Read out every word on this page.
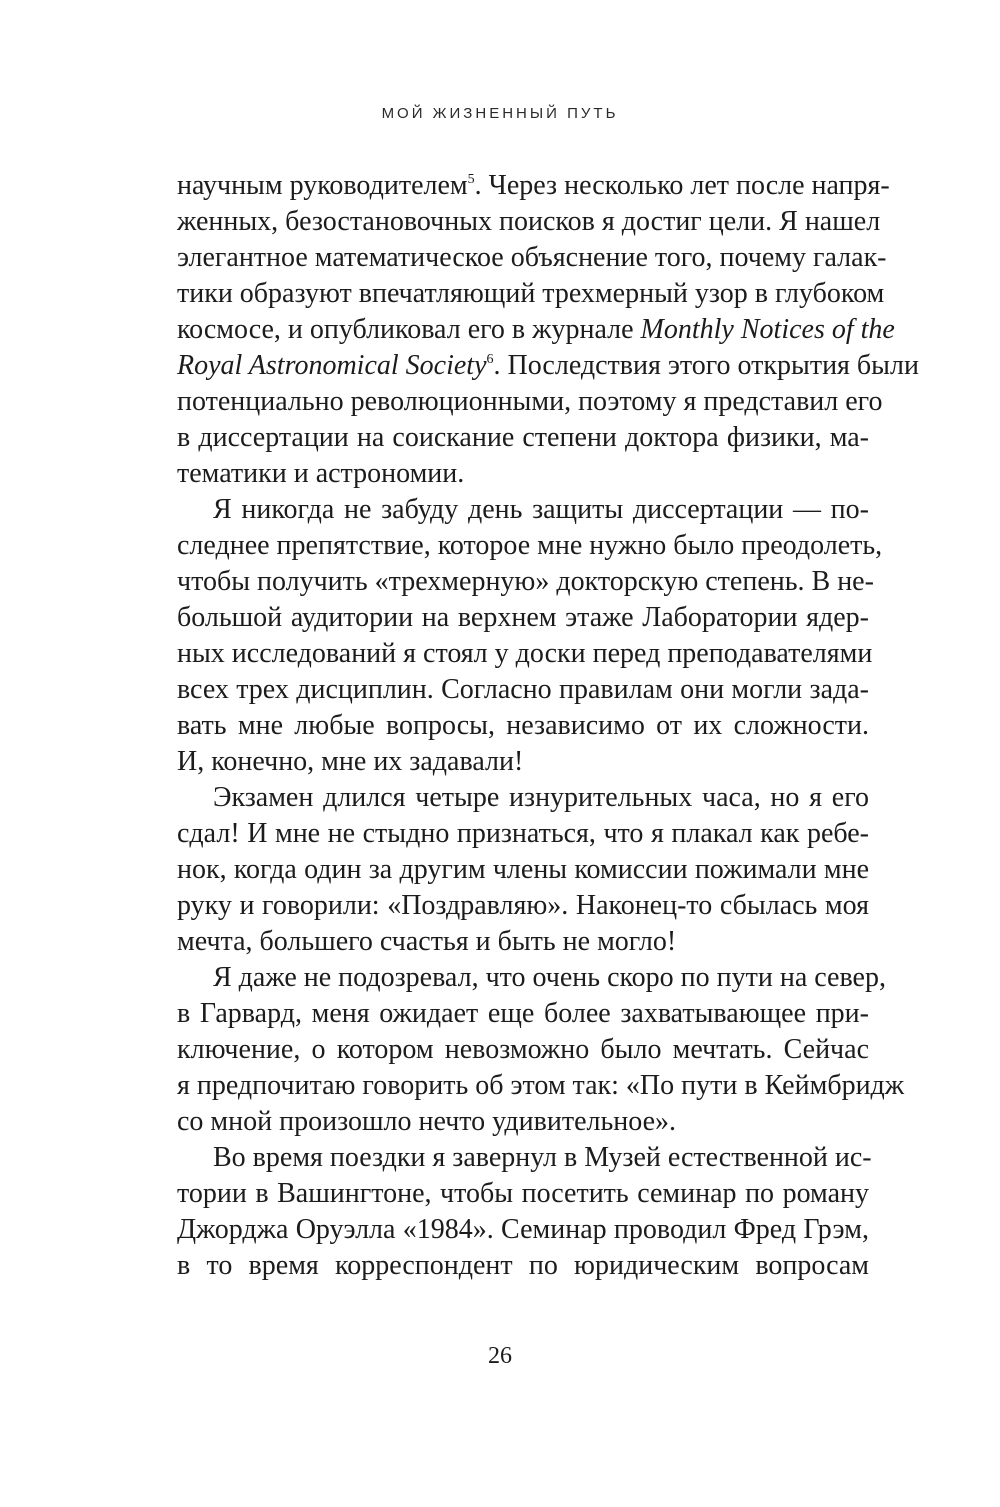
МОЙ ЖИЗНЕННЫЙ ПУТЬ
научным руководителем$^5$. Через несколько лет после напря-
женных, безостановочных поисков я достиг цели. Я нашел
элегантное математическое объяснение того, почему галак-
тики образуют впечатляющий трехмерный узор в глубоком
космосе, и опубликовал его в журнале Monthly Notices of the
Royal Astronomical Society$^6$. Последствия этого открытия были
потенциально революционными, поэтому я представил его
в диссертации на соискание степени доктора физики, ма-
тематики и астрономии.
Я никогда не забуду день защиты диссертации — по-
следнее препятствие, которое мне нужно было преодолеть,
чтобы получить «трехмерную» докторскую степень. В не-
большой аудитории на верхнем этаже Лаборатории ядер-
ных исследований я стоял у доски перед преподавателями
всех трех дисциплин. Согласно правилам они могли зада-
вать мне любые вопросы, независимо от их сложности.
И, конечно, мне их задавали!
Экзамен длился четыре изнурительных часа, но я его
сдал! И мне не стыдно признаться, что я плакал как ребе-
нок, когда один за другим члены комиссии пожимали мне
руку и говорили: «Поздравляю». Наконец-то сбылась моя
мечта, большего счастья и быть не могло!
Я даже не подозревал, что очень скоро по пути на север,
в Гарвард, меня ожидает еще более захватывающее при-
ключение, о котором невозможно было мечтать. Сейчас
я предпочитаю говорить об этом так: «По пути в Кеймбридж
со мной произошло нечто удивительное».
Во время поездки я завернул в Музей естественной ис-
тории в Вашингтоне, чтобы посетить семинар по роману
Джорджа Оруэлла «1984». Семинар проводил Фред Грэм,
в то время корреспондент по юридическим вопросам
26
